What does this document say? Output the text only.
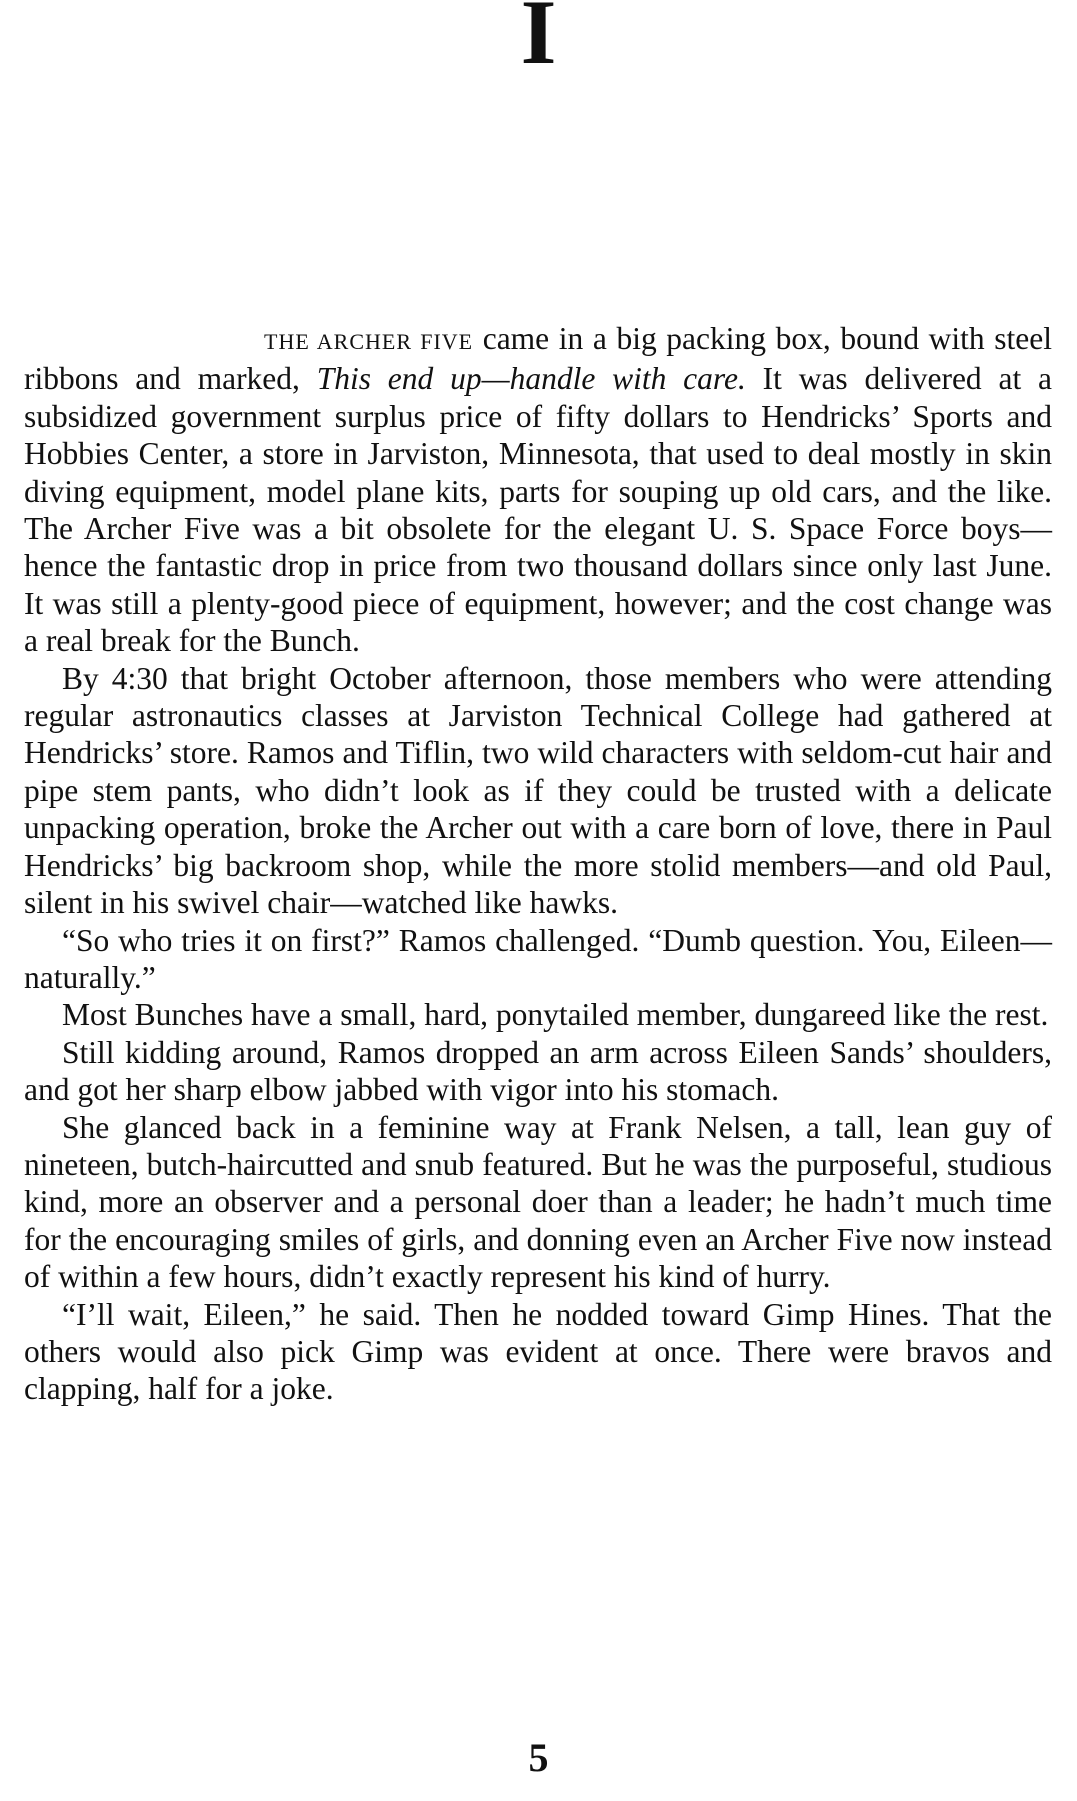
I

THE ARCHER FIVE came in a big packing box, bound with steel ribbons and marked, This end up—handle with care. It was delivered at a subsidized government surplus price of fifty dollars to Hendricks’ Sports and Hobbies Center, a store in Jarviston, Minnesota, that used to deal mostly in skin diving equipment, model plane kits, parts for souping up old cars, and the like. The Archer Five was a bit obsolete for the elegant U. S. Space Force boys—hence the fantastic drop in price from two thousand dollars since only last June. It was still a plenty-good piece of equipment, however; and the cost change was a real break for the Bunch.

By 4:30 that bright October afternoon, those members who were attending regular astronautics classes at Jarviston Technical College had gathered at Hendricks’ store. Ramos and Tiflin, two wild characters with seldom-cut hair and pipe stem pants, who didn’t look as if they could be trusted with a delicate unpacking operation, broke the Archer out with a care born of love, there in Paul Hendricks’ big backroom shop, while the more stolid members—and old Paul, silent in his swivel chair—watched like hawks.

“So who tries it on first?” Ramos challenged. “Dumb question. You, Eileen—naturally.”

Most Bunches have a small, hard, ponytailed member, dungareed like the rest.

Still kidding around, Ramos dropped an arm across Eileen Sands’ shoulders, and got her sharp elbow jabbed with vigor into his stomach.

She glanced back in a feminine way at Frank Nelsen, a tall, lean guy of nineteen, butch-haircutted and snub featured. But he was the purposeful, studious kind, more an observer and a personal doer than a leader; he hadn’t much time for the encouraging smiles of girls, and donning even an Archer Five now instead of within a few hours, didn’t exactly represent his kind of hurry.

“I’ll wait, Eileen,” he said. Then he nodded toward Gimp Hines. That the others would also pick Gimp was evident at once. There were bravos and clapping, half for a joke.

5
